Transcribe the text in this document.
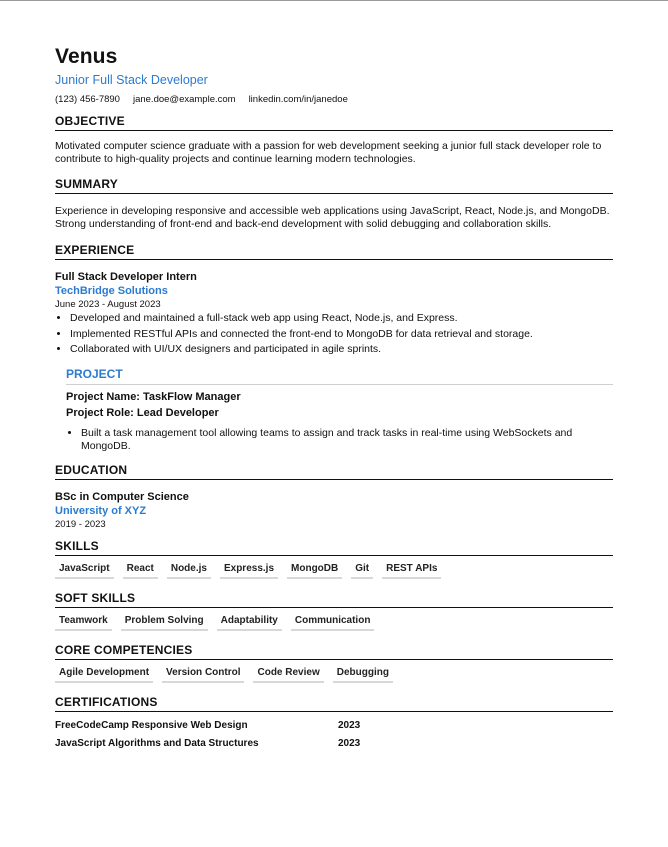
Venus
Junior Full Stack Developer
(123) 456-7890 jane.doe@example.com linkedin.com/in/janedoe
OBJECTIVE
Motivated computer science graduate with a passion for web development seeking a junior full stack developer role to contribute to high-quality projects and continue learning modern technologies.
SUMMARY
Experience in developing responsive and accessible web applications using JavaScript, React, Node.js, and MongoDB. Strong understanding of front-end and back-end development with solid debugging and collaboration skills.
EXPERIENCE
Full Stack Developer Intern
TechBridge Solutions
June 2023 - August 2023
• Developed and maintained a full-stack web app using React, Node.js, and Express.
• Implemented RESTful APIs and connected the front-end to MongoDB for data retrieval and storage.
• Collaborated with UI/UX designers and participated in agile sprints.
PROJECT
Project Name: TaskFlow Manager
Project Role: Lead Developer
• Built a task management tool allowing teams to assign and track tasks in real-time using WebSockets and MongoDB.
EDUCATION
BSc in Computer Science
University of XYZ
2019 - 2023
SKILLS
JavaScript	React	Node.js	Express.js	MongoDB	Git	REST APIs
SOFT SKILLS
Teamwork	Problem Solving	Adaptability	Communication
CORE COMPETENCIES
Agile Development	Version Control	Code Review	Debugging
CERTIFICATIONS
FreeCodeCamp Responsive Web Design	2023
JavaScript Algorithms and Data Structures	2023
